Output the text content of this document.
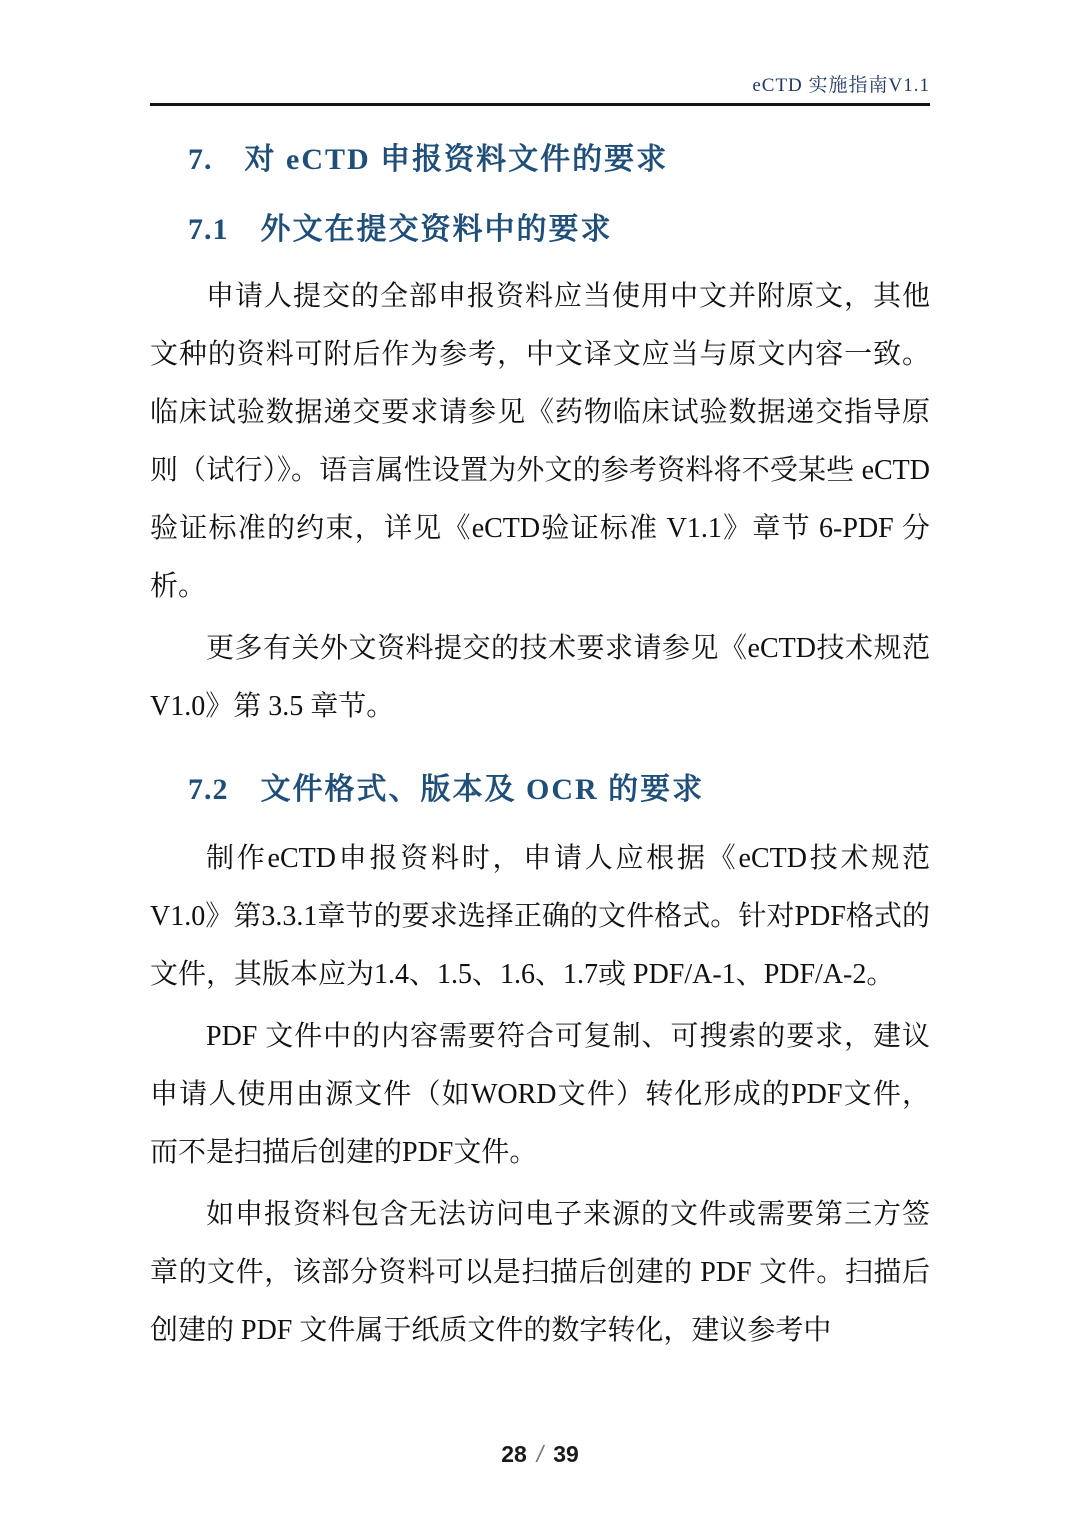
eCTD 实施指南V1.1
7. 对 eCTD 申报资料文件的要求
7.1 外文在提交资料中的要求

申请人提交的全部申报资料应当使用中文并附原文，其他文种的资料可附后作为参考，中文译文应当与原文内容一致。临床试验数据递交要求请参见《药物临床试验数据递交指导原则（试行）》。语言属性设置为外文的参考资料将不受某些 eCTD 验证标准的约束，详见《eCTD验证标准 V1.1》章节 6-PDF 分析。

更多有关外文资料提交的技术要求请参见《eCTD技术规范V1.0》第 3.5 章节。

7.2 文件格式、版本及 OCR 的要求

制作eCTD申报资料时，申请人应根据《eCTD技术规范V1.0》第3.3.1章节的要求选择正确的文件格式。针对PDF格式的文件，其版本应为1.4、1.5、1.6、1.7或 PDF/A-1、PDF/A-2。

PDF 文件中的内容需要符合可复制、可搜索的要求，建议申请人使用由源文件（如WORD文件）转化形成的PDF文件，而不是扫描后创建的PDF文件。

如申报资料包含无法访问电子来源的文件或需要第三方签章的文件，该部分资料可以是扫描后创建的 PDF 文件。扫描后创建的 PDF 文件属于纸质文件的数字转化，建议参考中

28 / 39
